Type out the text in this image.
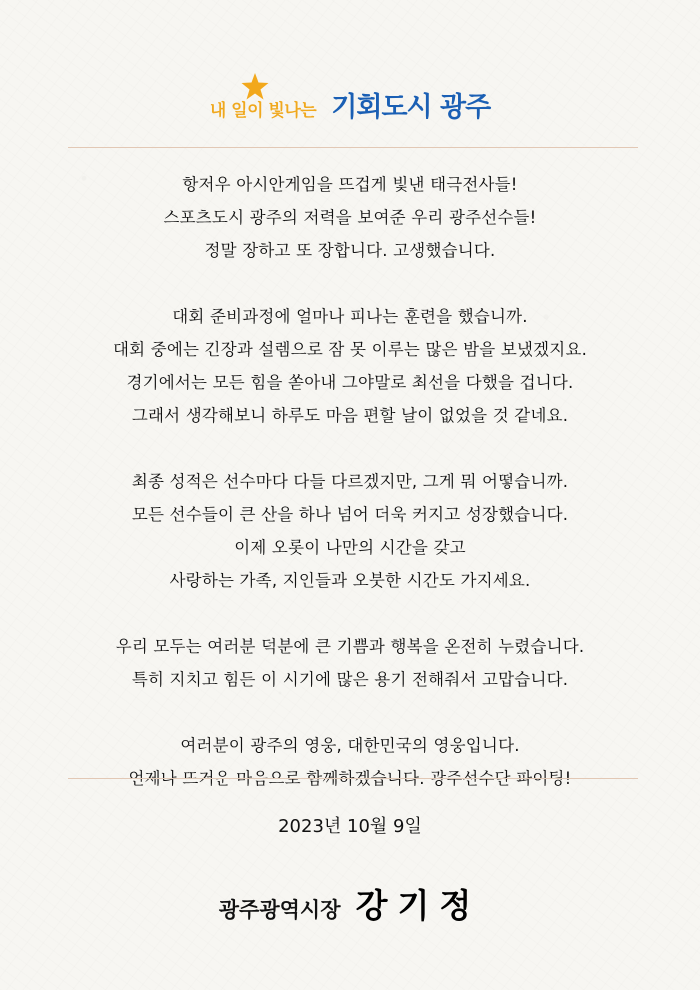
내 일이 빛나는 기회도시 광주
항저우 아시안게임을 뜨겁게 빛낸 태극전사들!
스포츠도시 광주의 저력을 보여준 우리 광주선수들!
정말 장하고 또 장합니다. 고생했습니다.
대회 준비과정에 얼마나 피나는 훈련을 했습니까.
대회 중에는 긴장과 설렘으로 잠 못 이루는 많은 밤을 보냈겠지요.
경기에서는 모든 힘을 쏟아내 그야말로 최선을 다했을 겁니다.
그래서 생각해보니 하루도 마음 편할 날이 없었을 것 같네요.
최종 성적은 선수마다 다들 다르겠지만, 그게 뭐 어떻습니까.
모든 선수들이 큰 산을 하나 넘어 더욱 커지고 성장했습니다.
이제 오롯이 나만의 시간을 갖고
사랑하는 가족, 지인들과 오붓한 시간도 가지세요.
우리 모두는 여러분 덕분에 큰 기쁨과 행복을 온전히 누렸습니다.
특히 지치고 힘든 이 시기에 많은 용기 전해줘서 고맙습니다.
여러분이 광주의 영웅, 대한민국의 영웅입니다.
언제나 뜨거운 마음으로 함께하겠습니다. 광주선수단 파이팅!
2023년 10월 9일
광주광역시장 강기정
